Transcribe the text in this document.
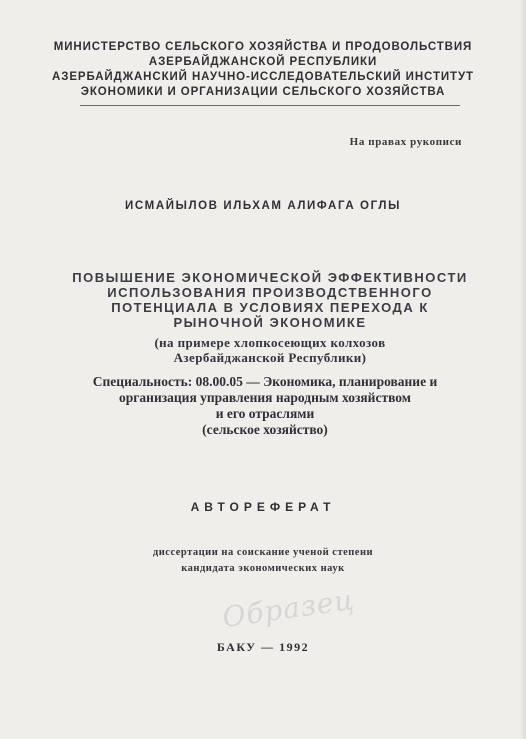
МИНИСТЕРСТВО СЕЛЬСКОГО ХОЗЯЙСТВА И ПРОДОВОЛЬСТВИЯ
АЗЕРБАЙДЖАНСКОЙ РЕСПУБЛИКИ
АЗЕРБАЙДЖАНСКИЙ НАУЧНО-ИССЛЕДОВАТЕЛЬСКИЙ ИНСТИТУТ
ЭКОНОМИКИ И ОРГАНИЗАЦИИ СЕЛЬСКОГО ХОЗЯЙСТВА
На правах рукописи
ИСМАЙЫЛОВ ИЛЬХАМ АЛИФАГА ОГЛЫ
ПОВЫШЕНИЕ ЭКОНОМИЧЕСКОЙ ЭФФЕКТИВНОСТИ
ИСПОЛЬЗОВАНИЯ ПРОИЗВОДСТВЕННОГО
ПОТЕНЦИАЛА В УСЛОВИЯХ ПЕРЕХОДА К
РЫНОЧНОЙ ЭКОНОМИКЕ
(на примере хлопкосеющих колхозов
Азербайджанской Республики)
Специальность: 08.00.05 — Экономика, планирование и
организация управления народным хозяйством
и его отраслями
(сельское хозяйство)
АВТОРЕФЕРАТ
диссертации на соискание ученой степени
кандидата экономических наук
Образец
БАКУ — 1992
